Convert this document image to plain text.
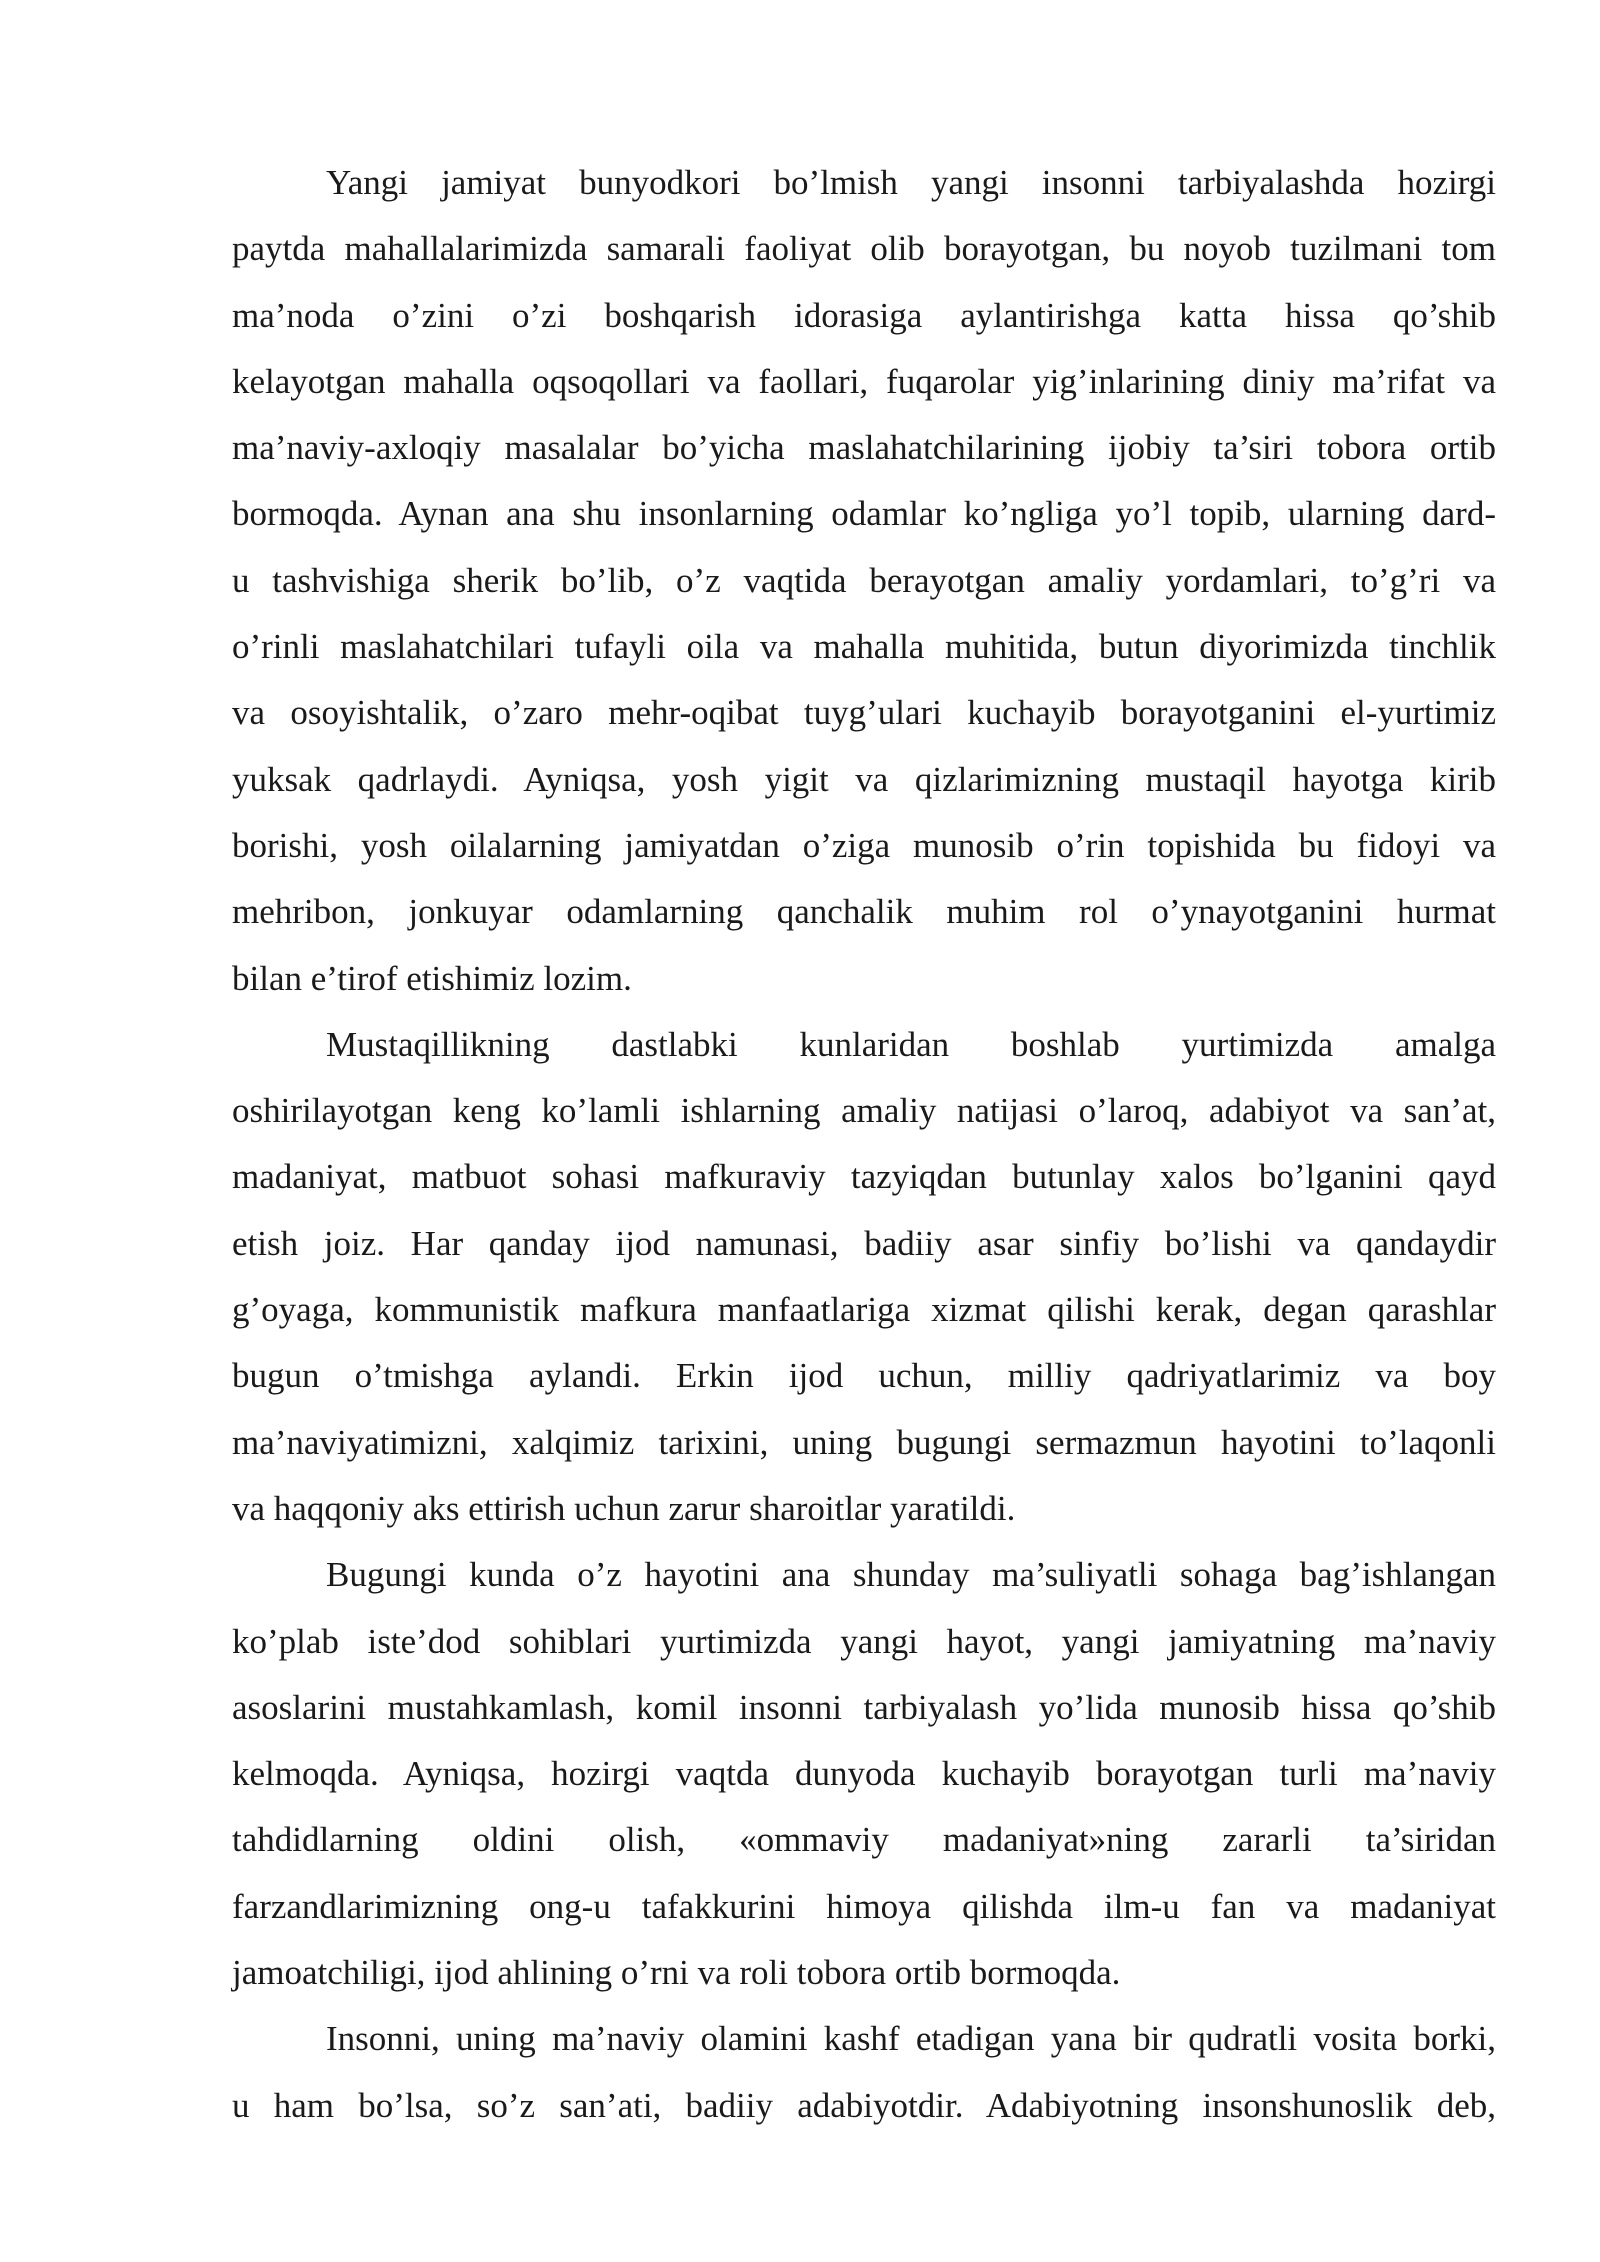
Yangi jamiyat bunyodkori bo’lmish yangi insonni tarbiyalashda hozirgi
paytda mahallalarimizda samarali faoliyat olib borayotgan, bu noyob tuzilmani tom
ma’noda o’zini o’zi boshqarish idorasiga aylantirishga katta hissa qo’shib
kelayotgan mahalla oqsoqollari va faollari, fuqarolar yig’inlarining diniy ma’rifat va
ma’naviy-axloqiy masalalar bo’yicha maslahatchilarining ijobiy ta’siri tobora ortib
bormoqda. Aynan ana shu insonlarning odamlar ko’ngliga yo’l topib, ularning dard-
u tashvishiga sherik bo’lib, o’z vaqtida berayotgan amaliy yordamlari, to’g’ri va
o’rinli maslahatchilari tufayli oila va mahalla muhitida, butun diyorimizda tinchlik
va osoyishtalik, o’zaro mehr-oqibat tuyg’ulari kuchayib borayotganini el-yurtimiz
yuksak qadrlaydi. Ayniqsa, yosh yigit va qizlarimizning mustaqil hayotga kirib
borishi, yosh oilalarning jamiyatdan o’ziga munosib o’rin topishida bu fidoyi va
mehribon, jonkuyar odamlarning qanchalik muhim rol o’ynayotganini hurmat
bilan e’tirof etishimiz lozim.
Mustaqillikning dastlabki kunlaridan boshlab yurtimizda amalga
oshirilayotgan keng ko’lamli ishlarning amaliy natijasi o’laroq, adabiyot va san’at,
madaniyat, matbuot sohasi mafkuraviy tazyiqdan butunlay xalos bo’lganini qayd
etish joiz. Har qanday ijod namunasi, badiiy asar sinfiy bo’lishi va qandaydir
g’oyaga, kommunistik mafkura manfaatlariga xizmat qilishi kerak, degan qarashlar
bugun o’tmishga aylandi. Erkin ijod uchun, milliy qadriyatlarimiz va boy
ma’naviyatimizni, xalqimiz tarixini, uning bugungi sermazmun hayotini to’laqonli
va haqqoniy aks ettirish uchun zarur sharoitlar yaratildi.
Bugungi kunda o’z hayotini ana shunday ma’suliyatli sohaga bag’ishlangan
ko’plab iste’dod sohiblari yurtimizda yangi hayot, yangi jamiyatning ma’naviy
asoslarini mustahkamlash, komil insonni tarbiyalash yo’lida munosib hissa qo’shib
kelmoqda. Ayniqsa, hozirgi vaqtda dunyoda kuchayib borayotgan turli ma’naviy
tahdidlarning oldini olish, «ommaviy madaniyat»ning zararli ta’siridan
farzandlarimizning ong-u tafakkurini himoya qilishda ilm-u fan va madaniyat
jamoatchiligi, ijod ahlining o’rni va roli tobora ortib bormoqda.
Insonni, uning ma’naviy olamini kashf etadigan yana bir qudratli vosita borki,
u ham bo’lsa, so’z san’ati, badiiy adabiyotdir. Adabiyotning insonshunoslik deb,
